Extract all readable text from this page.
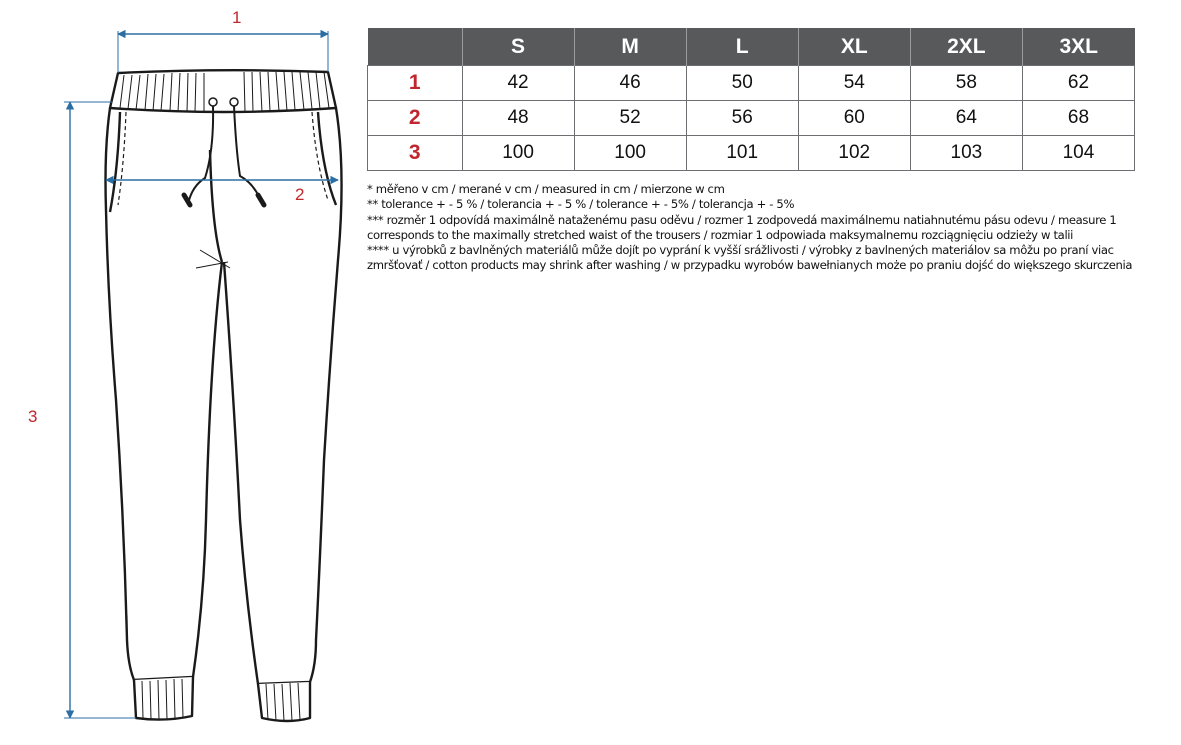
1
2
3
	S	M	L	XL	2XL	3XL
1	42	46	50	54	58	62
2	48	52	56	60	64	68
3	100	100	101	102	103	104

* měřeno v cm / merané v cm / measured in cm / mierzone w cm

** tolerance + - 5 % / tolerancia + - 5 % / tolerance + - 5% / tolerancja + - 5%

*** rozměr 1 odpovídá maximálně nataženému pasu oděvu / rozmer 1 zodpovedá maximálnemu natiahnutému pásu odevu / measure 1 corresponds to the maximally stretched waist of the trousers / rozmiar 1 odpowiada maksymalnemu rozciągnięciu odzieży w talii

**** u výrobků z bavlněných materiálů může dojít po vyprání k vyšší srážlivosti / výrobky z bavlnených materiálov sa môžu po praní viac zmršťovať / cotton products may shrink after washing / w przypadku wyrobów bawełnianych może po praniu dojść do większego skurczenia
